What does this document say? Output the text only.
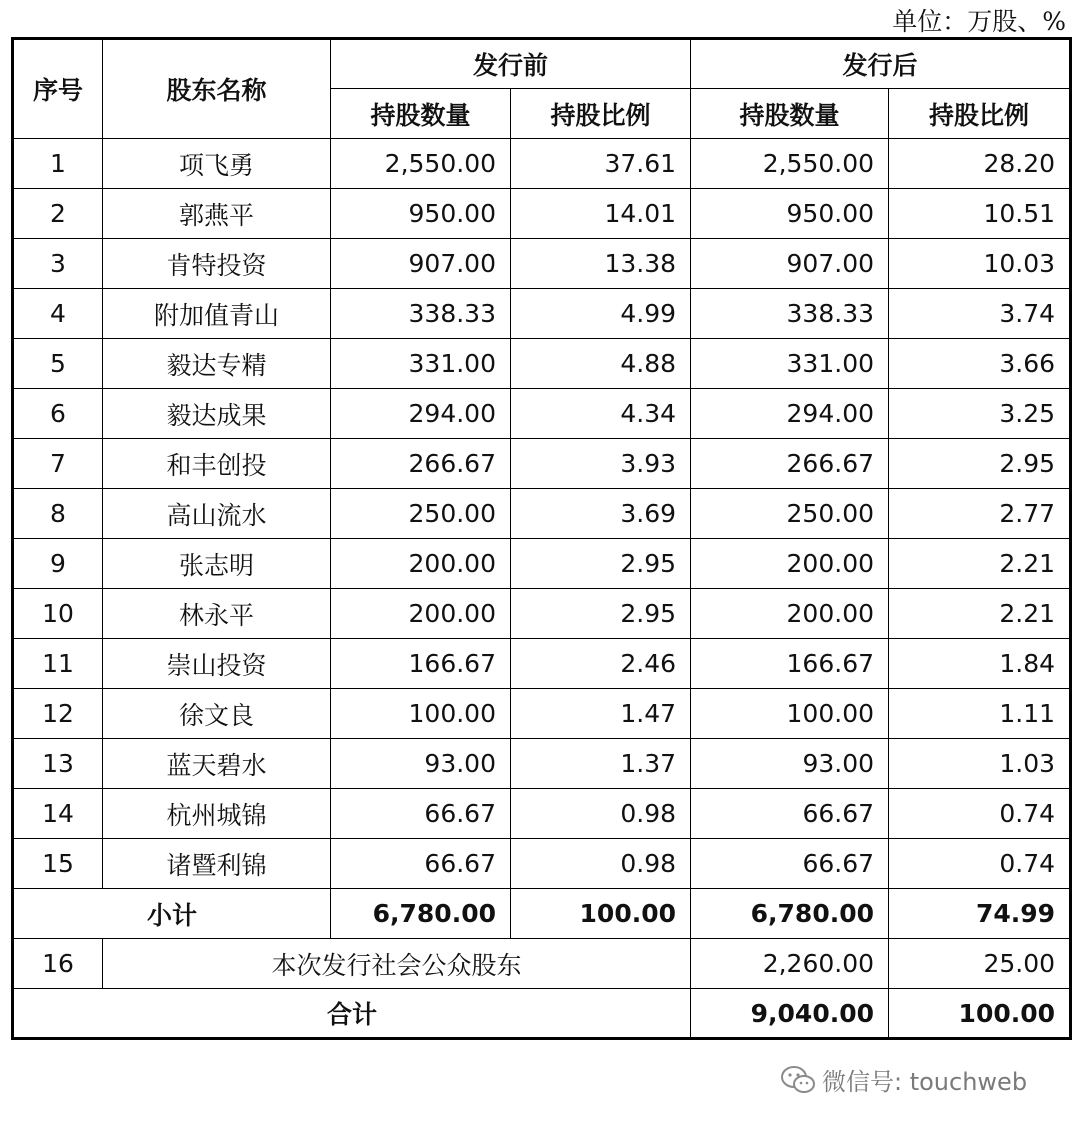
单位：万股、%
序号	股东名称	发行前		发行后	
		持股数量	持股比例	持股数量	持股比例
1	项飞勇	2,550.00	37.61	2,550.00	28.20
2	郭燕平	950.00	14.01	950.00	10.51
3	肯特投资	907.00	13.38	907.00	10.03
4	附加值青山	338.33	4.99	338.33	3.74
5	毅达专精	331.00	4.88	331.00	3.66
6	毅达成果	294.00	4.34	294.00	3.25
7	和丰创投	266.67	3.93	266.67	2.95
8	高山流水	250.00	3.69	250.00	2.77
9	张志明	200.00	2.95	200.00	2.21
10	林永平	200.00	2.95	200.00	2.21
11	崇山投资	166.67	2.46	166.67	1.84
12	徐文良	100.00	1.47	100.00	1.11
13	蓝天碧水	93.00	1.37	93.00	1.03
14	杭州城锦	66.67	0.98	66.67	0.74
15	诸暨利锦	66.67	0.98	66.67	0.74
小计		6,780.00	100.00	6,780.00	74.99
16	本次发行社会公众股东			2,260.00	25.00
合计				9,040.00	100.00
微信号: touchweb
